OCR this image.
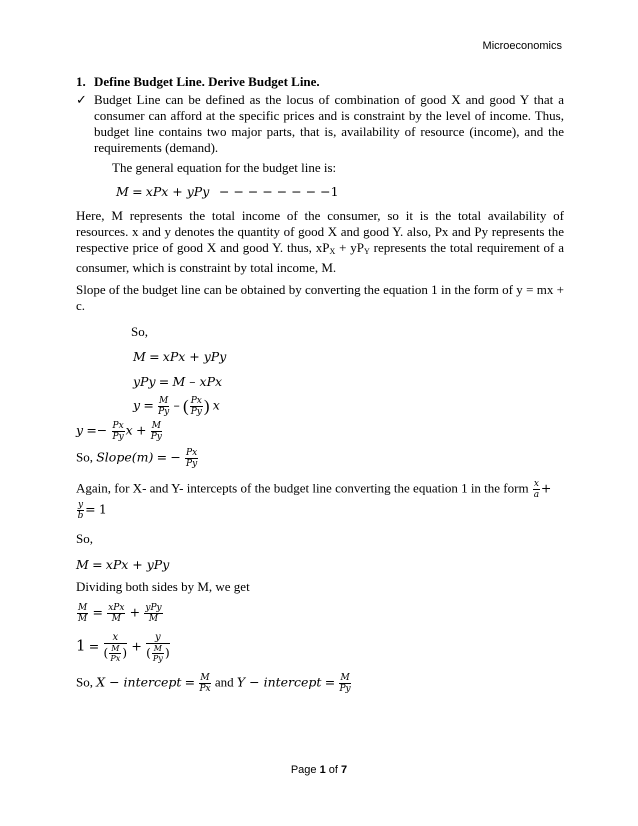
Microeconomics
1. Define Budget Line. Derive Budget Line.
✓ Budget Line can be defined as the locus of combination of good X and good Y that a consumer can afford at the specific prices and is constraint by the level of income. Thus, budget line contains two major parts, that is, availability of resource (income), and the requirements (demand).

The general equation for the budget line is:

M = xPx + yPy − − − − − − − −1

Here, M represents the total income of the consumer, so it is the total availability of resources. x and y denotes the quantity of good X and good Y. also, Px and Py represents the respective price of good X and good Y. thus, $xP_X + yP_Y$ represents the total requirement of a consumer, which is constraint by total income, M.

Slope of the budget line can be obtained by converting the equation 1 in the form of y = mx + c.

So,

M = xPx + yPy

yPy = M – xPx

$y = \frac{M}{Py}$ – ( $\frac{Px}{Py}$ ) x

$y =- \frac{Px}{Py}$ $x + \frac{M}{Py}$

So, Slope(m) = − $\frac{Px}{Py}$

Again, for X- and Y- intercepts of the budget line converting the equation 1 in the form $\frac{x}{a}$ +

$\frac{y}{b} = 1$

So,

M = xPx + yPy

Dividing both sides by M, we get

$\frac{M}{M} = \frac{\text{xPx}}{M} + \frac{\text{yPy}}{M}$

1 =
x
( $\frac{M}{Px}$ ) +
y
( $\frac{M}{Py}$ )

So, X − intercept = $\frac{M}{Px}$ and Y − intercept = $\frac{M}{Py}$

Page 1 of 7
